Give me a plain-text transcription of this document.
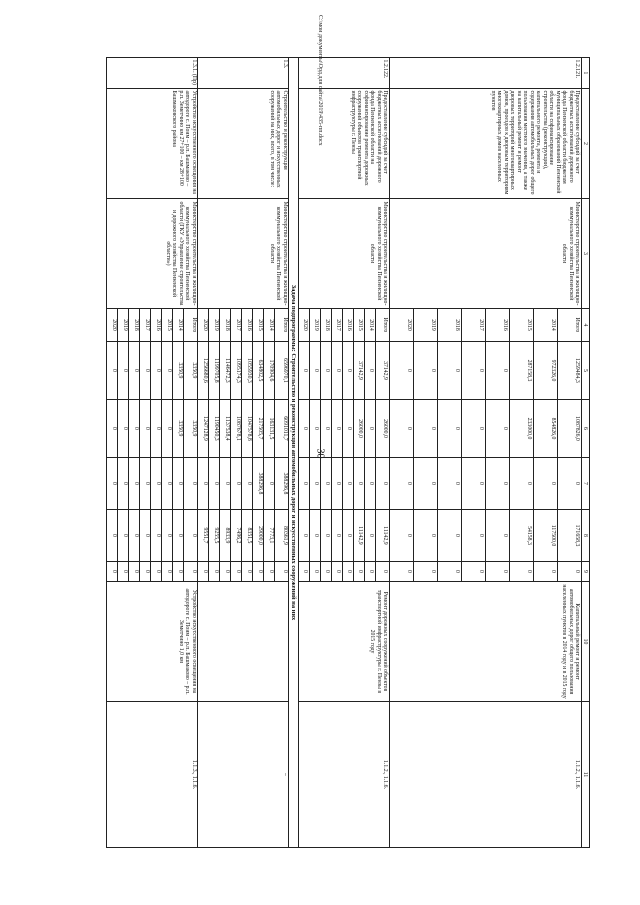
30
1	2	3	4	5	6	7	8	9	10	11
1.2.121.	Предоставление субсидий за счет бюджетных ассигнований дорожного фонда Пензенской области бюджетам муниципальных образований Пензенской области на софинансирование строительства (реконструкции), капитального ремонта, ремонта и содержания автомобильных дорог общего пользования местного значения, а также на капитальный ремонт и ремонт дворовых территорий многоквартирных домов, проездов к дворовым территориям многоквартирных домов населенных пунктов	Министерство строительства и жилищно-коммунального хозяйства Пензенской области	Итого	1259484,3	1087826,0	0	171658,3	0	Капитальный ремонт и ремонт автомобильных дорог общего пользования населенных пунктов в 2014 году и в 2015 году	1.1.2., 1.1.6.
			2014	972326,0	854826,0	0	117500,0	0		
			2015	287158,3	233000,0	0	54158,3	0		
			2016	0	0	0	0	0		
			2017	0	0	0	0	0		
			2018	0	0	0	0	0		
			2019	0	0	0	0	0		
			2020	0	0	0	0	0		
1.2.122.	Предоставление субсидий за счет бюджетных ассигнований дорожного фонда Пензенской области на софинансирование ремонта дорожных сооружений объектов транспортной инфраструктуры г. Пензы	Министерство строительства и жилищно-коммунального хозяйства Пензенской области	Итого	37142,9	26000,0	0	11142,9	0	Ремонт дорожных сооружений объектов транспортной инфраструктуры г. Пензы в 2015 году	1.1.2., 1.1.6.
			2014	0	0	0	0	0		
			2015	37142,9	26000,0	0	11142,9	0		
			2016	0	0	0	0	0		
			2017	0	0	0	0	0		
			2018	0	0	0	0	0		
			2019	0	0	0	0	0		
			2020	0	0	0	0	0		
Задача подпрограммы: Строительство и реконструкция автомобильных дорог и искусственных сооружений на них										
1.3.	Строительство и реконструкция автомобильных дорог и искусственных сооружений на них, всего, в том числе:	Министерство строительства и жилищно-коммунального хозяйства Пензенской области	Итого	6596970,1	6091011,7	388296,8	80361,9	0		–
			2014	170904,6	163131,5	0	7773,1	0		
			2015	634802,5	217505,7	388296,8	29000,0	0		
			2016	1055930,3	1047578,8	0	8351,5	0		
			2017	1095174,3	1087678,1	0	7496,2	0		
			2018	1146472,3	1137538,4	0	8933,9	0		
			2019	1199705,8	1190450,3	0	9255,5	0		
			2020	1256680,6	1247128,9	0	9551,7	0		
1.3.1. (Пр)	Устройство искусственного освещения на автодороге с. Поим – р.п. Башмаково – р.п. Земетчино км 27+100 – км 28+100 Башмаковского района	Министерство строительства и жилищно-коммунального хозяйства Пензенской области (ГКУ «Управление строительства и дорожного хозяйства Пензенской области»)	Итого	3350,9	3350,9	0	0	0	Устройство искусственного освещения на автодороге с. Поим – р.п. Башмаково – р.п. Земетчино 1,0 км	1.1.3., 1.1.6.
			2014	3350,9	3350,9	0	0	0		
			2015	0	0	0	0	0		
			2016	0	0	0	0	0		
			2017	0	0	0	0	0		
			2018	0	0	0	0	0		
			2019	0	0	0	0	0		
			2020	0	0	0	0	0		
С:\мои документы\Орд.для сайта\2019\435-пп.docx
